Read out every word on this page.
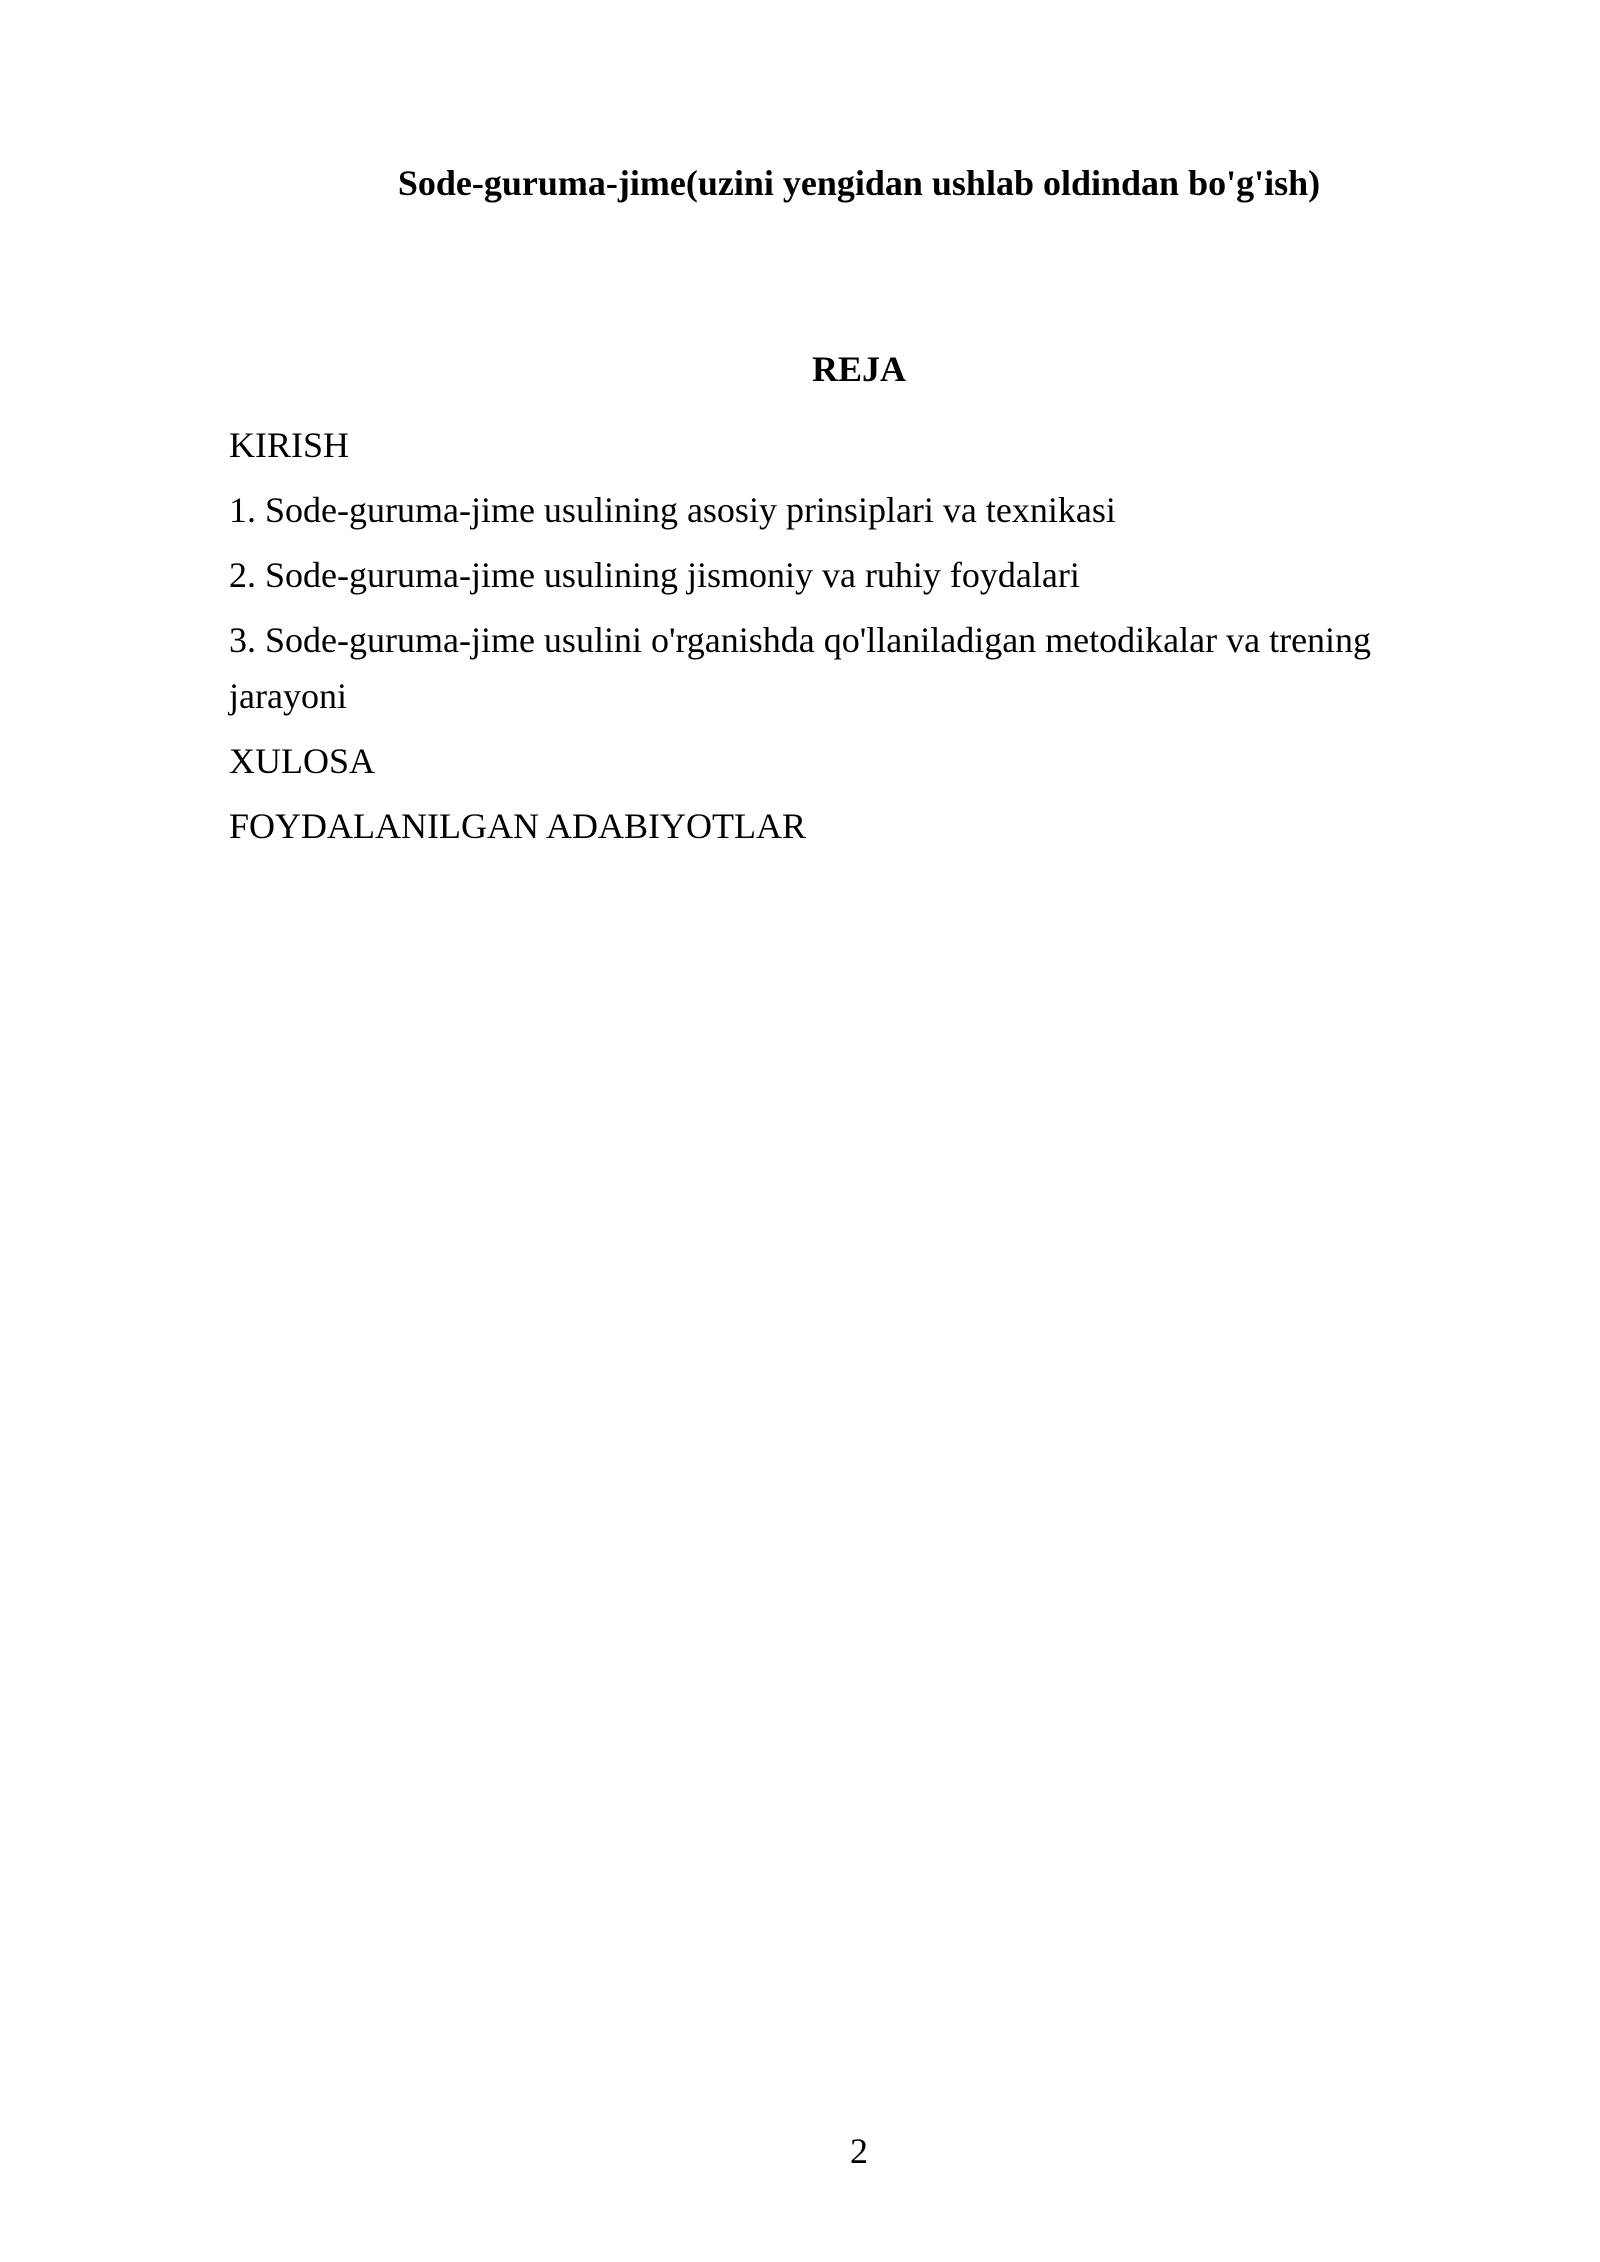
Sode-guruma-jime(uzini yengidan ushlab oldindan bo'g'ish)
REJA
KIRISH
1. Sode-guruma-jime usulining asosiy prinsiplari va texnikasi
2. Sode-guruma-jime usulining jismoniy va ruhiy foydalari
3. Sode-guruma-jime usulini o'rganishda qo'llaniladigan metodikalar va trening jarayoni
XULOSA
FOYDALANILGAN ADABIYOTLAR
2
